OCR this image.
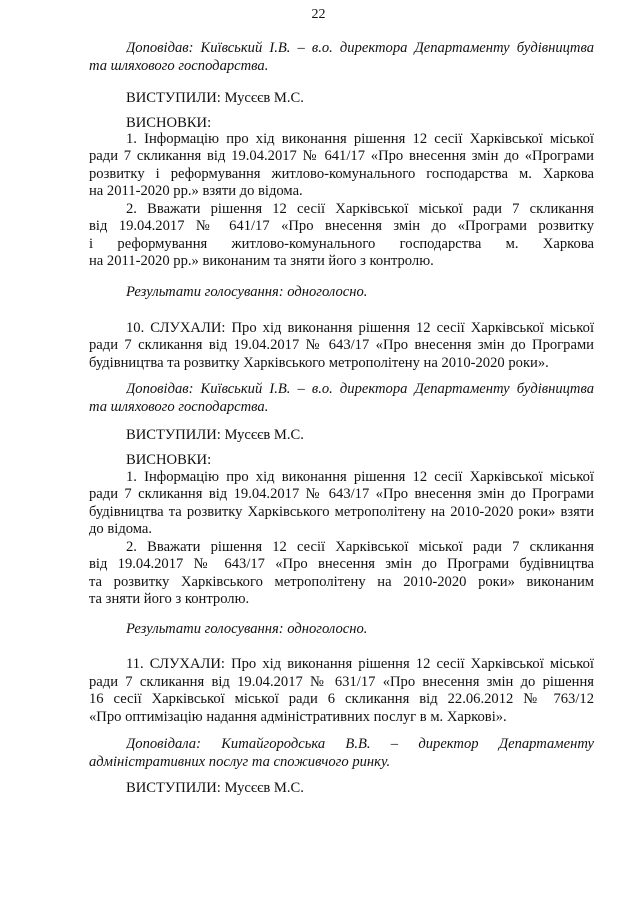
22
Доповідав: Київський І.В. – в.о. директора Департаменту будівництва
та шляхового господарства.
ВИСТУПИЛИ: Мусєєв М.С.
ВИСНОВКИ:
1. Інформацію про хід виконання рішення 12 сесії Харківської міської
ради 7 скликання від 19.04.2017 № 641/17 «Про внесення змін до «Програми
розвитку і реформування житлово-комунального господарства м. Харкова
на 2011-2020 рр.» взяти до відома.
2. Вважати рішення 12 сесії Харківської міської ради 7 скликання
від 19.04.2017 № 641/17 «Про внесення змін до «Програми розвитку
і реформування житлово-комунального господарства м. Харкова
на 2011-2020 рр.» виконаним та зняти його з контролю.
Результати голосування: одноголосно.
10. СЛУХАЛИ: Про хід виконання рішення 12 сесії Харківської міської
ради 7 скликання від 19.04.2017 № 643/17 «Про внесення змін до Програми
будівництва та розвитку Харківського метрополітену на 2010-2020 роки».
Доповідав: Київський І.В. – в.о. директора Департаменту будівництва
та шляхового господарства.
ВИСТУПИЛИ: Мусєєв М.С.
ВИСНОВКИ:
1. Інформацію про хід виконання рішення 12 сесії Харківської міської
ради 7 скликання від 19.04.2017 № 643/17 «Про внесення змін до Програми
будівництва та розвитку Харківського метрополітену на 2010-2020 роки» взяти
до відома.
2. Вважати рішення 12 сесії Харківської міської ради 7 скликання
від 19.04.2017 № 643/17 «Про внесення змін до Програми будівництва
та розвитку Харківського метрополітену на 2010-2020 роки» виконаним
та зняти його з контролю.
Результати голосування: одноголосно.
11. СЛУХАЛИ: Про хід виконання рішення 12 сесії Харківської міської
ради 7 скликання від 19.04.2017 № 631/17 «Про внесення змін до рішення
16 сесії Харківської міської ради 6 скликання від 22.06.2012 № 763/12
«Про оптимізацію надання адміністративних послуг в м. Харкові».
Доповідала: Китайгородська В.В. – директор Департаменту
адміністративних послуг та споживчого ринку.
ВИСТУПИЛИ: Мусєєв М.С.
